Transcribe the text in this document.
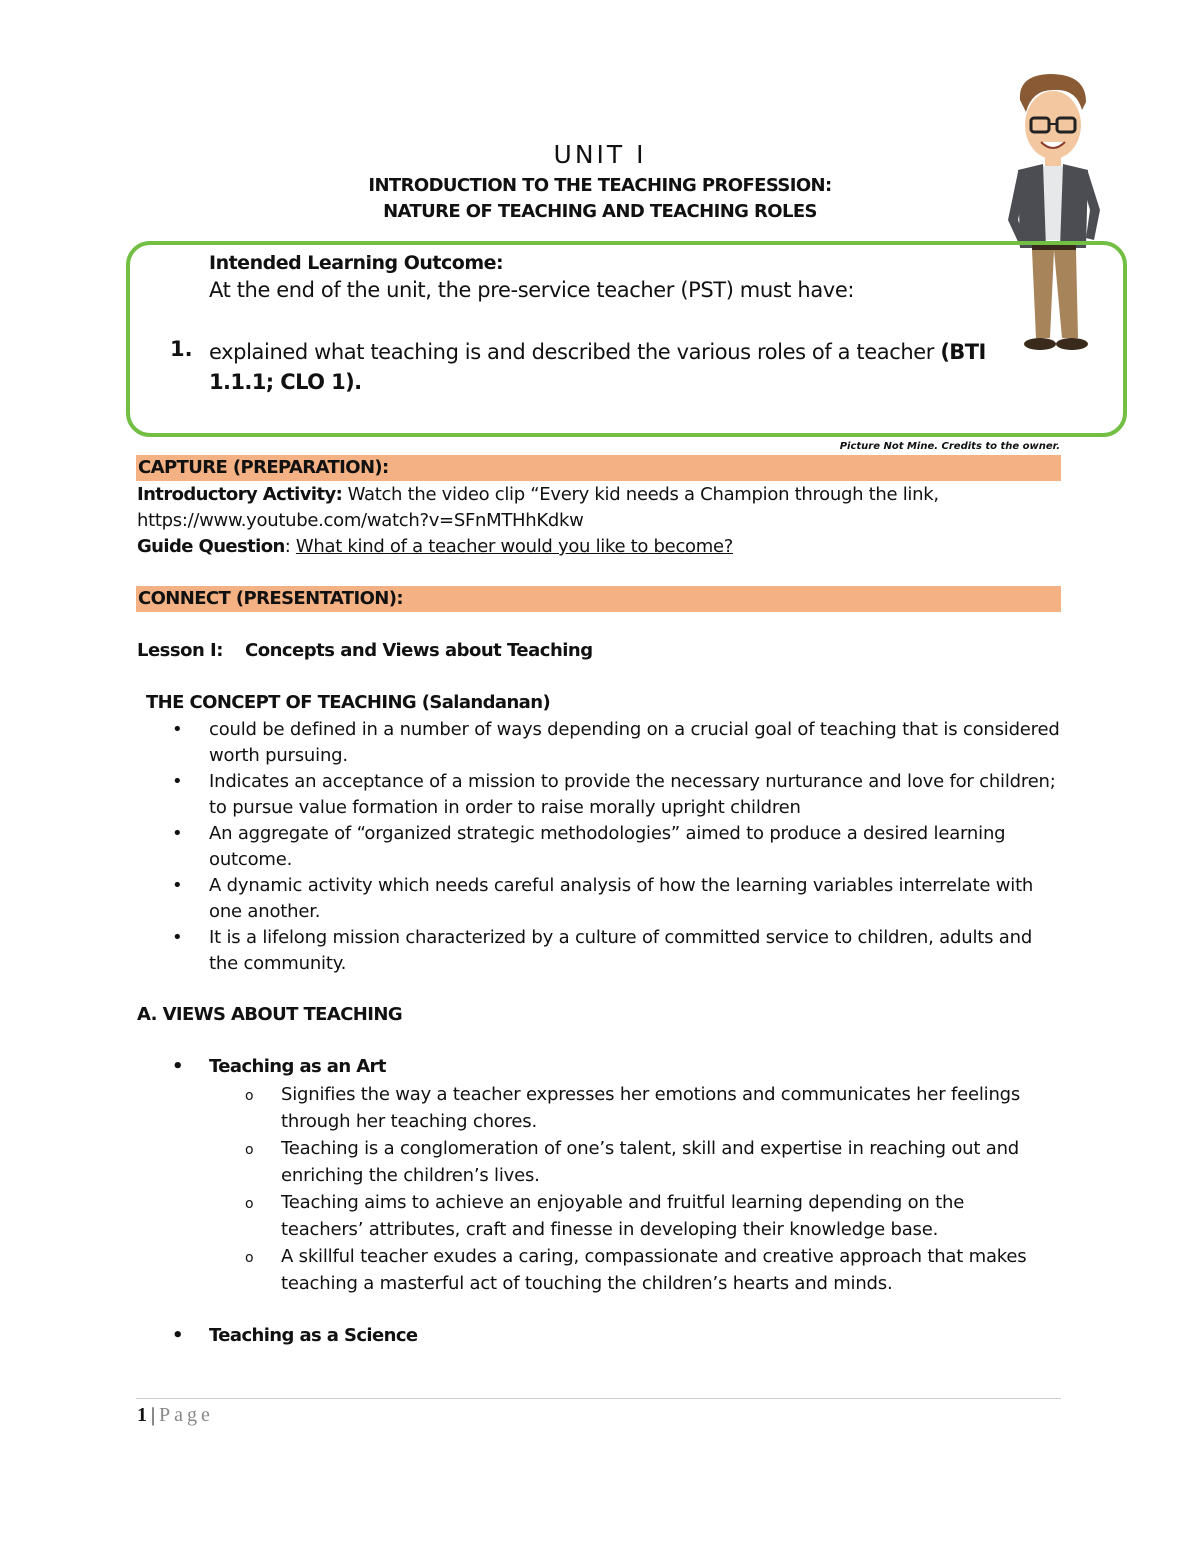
UNIT I
INTRODUCTION TO THE TEACHING PROFESSION:
NATURE OF TEACHING AND TEACHING ROLES
Intended Learning Outcome:
At the end of the unit, the pre-service teacher (PST) must have:
1. explained what teaching is and described the various roles of a teacher (BTI 1.1.1; CLO 1).
Picture Not Mine. Credits to the owner.
CAPTURE (PREPARATION):
Introductory Activity: Watch the video clip “Every kid needs a Champion through the link,
https://www.youtube.com/watch?v=SFnMTHhKdkw
Guide Question: What kind of a teacher would you like to become?
CONNECT (PRESENTATION):
Lesson I: Concepts and Views about Teaching
THE CONCEPT OF TEACHING (Salandanan)
• could be defined in a number of ways depending on a crucial goal of teaching that is considered worth pursuing.
• Indicates an acceptance of a mission to provide the necessary nurturance and love for children; to pursue value formation in order to raise morally upright children
• An aggregate of “organized strategic methodologies” aimed to produce a desired learning outcome.
• A dynamic activity which needs careful analysis of how the learning variables interrelate with one another.
• It is a lifelong mission characterized by a culture of committed service to children, adults and the community.
A. VIEWS ABOUT TEACHING
• Teaching as an Art
o Signifies the way a teacher expresses her emotions and communicates her feelings through her teaching chores.
o Teaching is a conglomeration of one’s talent, skill and expertise in reaching out and enriching the children’s lives.
o Teaching aims to achieve an enjoyable and fruitful learning depending on the teachers’ attributes, craft and finesse in developing their knowledge base.
o A skillful teacher exudes a caring, compassionate and creative approach that makes teaching a masterful act of touching the children’s hearts and minds.
• Teaching as a Science
1 | Page
